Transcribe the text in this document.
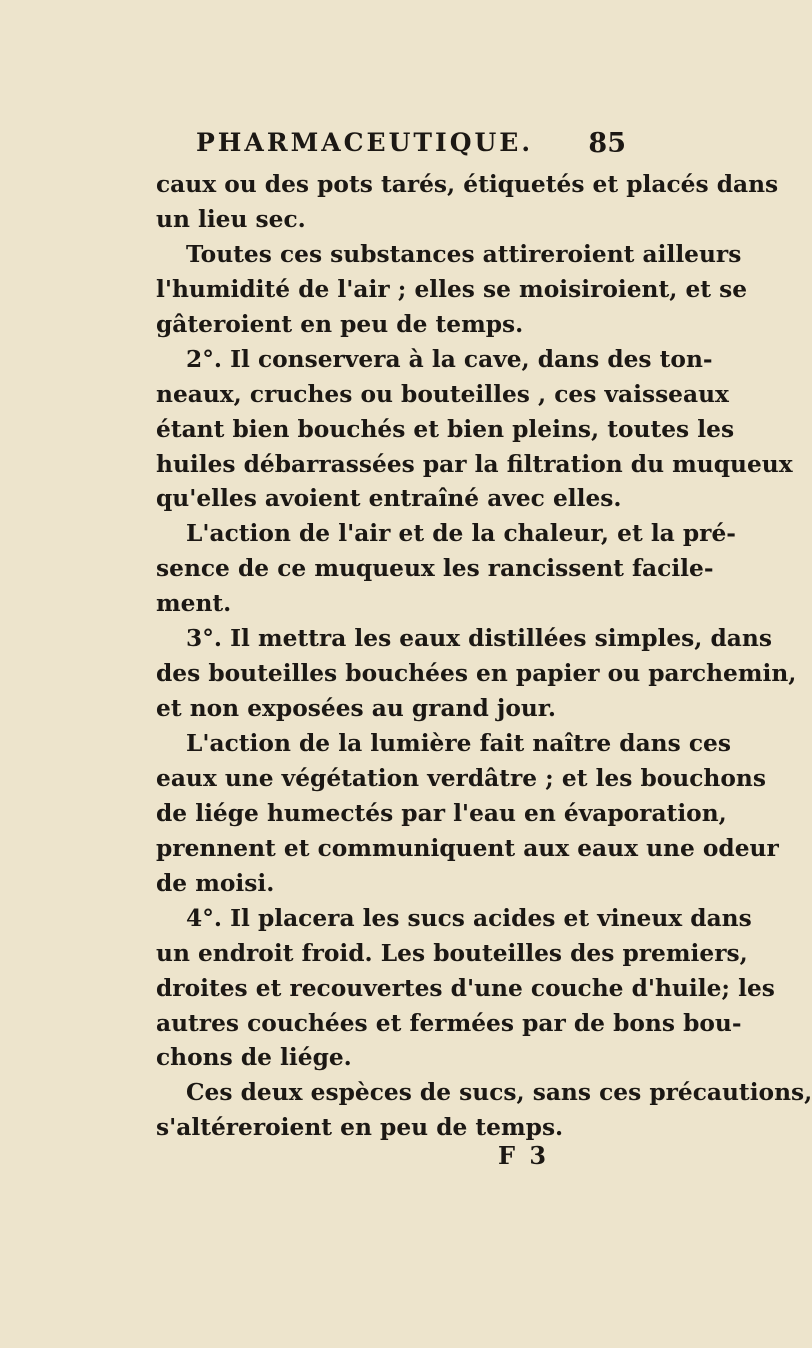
PHARMACEUTIQUE. 85
caux ou des pots tarés, étiquetés et placés dans
un lieu sec.
Toutes ces substances attireroient ailleurs
l'humidité de l'air ; elles se moisiroient, et se
gâteroient en peu de temps.
2°. Il conservera à la cave, dans des ton-
neaux, cruches ou bouteilles , ces vaisseaux
étant bien bouchés et bien pleins, toutes les
huiles débarrassées par la filtration du muqueux
qu'elles avoient entraîné avec elles.
L'action de l'air et de la chaleur, et la pré-
sence de ce muqueux les rancissent facile-
ment.
3°. Il mettra les eaux distillées simples, dans
des bouteilles bouchées en papier ou parchemin,
et non exposées au grand jour.
L'action de la lumière fait naître dans ces
eaux une végétation verdâtre ; et les bouchons
de liége humectés par l'eau en évaporation,
prennent et communiquent aux eaux une odeur
de moisi.
4°. Il placera les sucs acides et vineux dans
un endroit froid. Les bouteilles des premiers,
droites et recouvertes d'une couche d'huile; les
autres couchées et fermées par de bons bou-
chons de liége.
Ces deux espèces de sucs, sans ces précautions,
s'altéreroient en peu de temps.
F 3
